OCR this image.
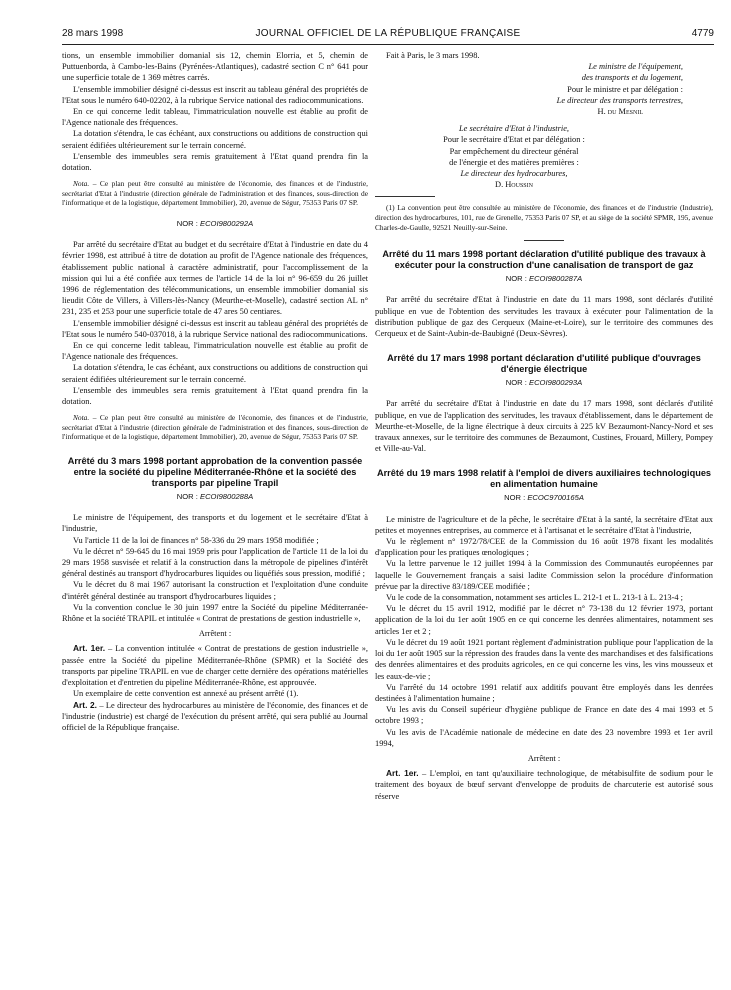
28 mars 1998	JOURNAL OFFICIEL DE LA RÉPUBLIQUE FRANÇAISE	4779

tions, un ensemble immobilier domanial sis 12, chemin Elorria, et 5, chemin de Puttuenborda, à Cambo-les-Bains (Pyrénées-Atlantiques), cadastré section C n° 641 pour une superficie totale de 1 369 mètres carrés.

L'ensemble immobilier désigné ci-dessus est inscrit au tableau général des propriétés de l'Etat sous le numéro 640-02202, à la rubrique Service national des radiocommunications.

En ce qui concerne ledit tableau, l'immatriculation nouvelle est établie au profit de l'Agence nationale des fréquences.

La dotation s'étendra, le cas échéant, aux constructions ou additions de construction qui seraient édifiées ultérieurement sur le terrain concerné.

L'ensemble des immeubles sera remis gratuitement à l'Etat quand prendra fin la dotation.

Nota. – Ce plan peut être consulté au ministère de l'économie, des finances et de l'industrie, secrétariat d'Etat à l'industrie (direction générale de l'administration et des finances, sous-direction de l'informatique et de la logistique, département Immobilier), 20, avenue de Ségur, 75353 Paris 07 SP.

NOR : ECOI9800292A

Par arrêté du secrétaire d'Etat au budget et du secrétaire d'Etat à l'industrie en date du 4 février 1998, est attribué à titre de dotation au profit de l'Agence nationale des fréquences, établissement public national à caractère administratif, pour l'accomplissement de la mission qui lui a été confiée aux termes de l'article 14 de la loi n° 96-659 du 26 juillet 1996 de réglementation des télécommunications, un ensemble immobilier domanial sis lieudit Côte de Villers, à Villers-lès-Nancy (Meurthe-et-Moselle), cadastré section AL n° 231, 235 et 253 pour une superficie totale de 47 ares 50 centiares.

L'ensemble immobilier désigné ci-dessus est inscrit au tableau général des propriétés de l'Etat sous le numéro 540-037018, à la rubrique Service national des radiocommunications.

En ce qui concerne ledit tableau, l'immatriculation nouvelle est établie au profit de l'Agence nationale des fréquences.

La dotation s'étendra, le cas échéant, aux constructions ou additions de construction qui seraient édifiées ultérieurement sur le terrain concerné.

L'ensemble des immeubles sera remis gratuitement à l'Etat quand prendra fin la dotation.

Nota. – Ce plan peut être consulté au ministère de l'économie, des finances et de l'industrie, secrétariat d'Etat à l'industrie (direction générale de l'administration et des finances, sous-direction de l'informatique et de la logistique, département Immobilier), 20, avenue de Ségur, 75353 Paris 07 SP.

Arrêté du 3 mars 1998 portant approbation de la convention passée entre la société du pipeline Méditerranée-Rhône et la société des transports par pipeline Trapil

NOR : ECOI9800288A

Le ministre de l'équipement, des transports et du logement et le secrétaire d'Etat à l'industrie,

Vu l'article 11 de la loi de finances n° 58-336 du 29 mars 1958 modifiée ;

Vu le décret n° 59-645 du 16 mai 1959 pris pour l'application de l'article 11 de la loi du 29 mars 1958 susvisée et relatif à la construction dans la métropole de pipelines d'intérêt général destinés au transport d'hydrocarbures liquides ou liquéfiés sous pression, modifié ;

Vu le décret du 8 mai 1967 autorisant la construction et l'exploitation d'une conduite d'intérêt général destinée au transport d'hydrocarbures liquides ;

Vu la convention conclue le 30 juin 1997 entre la Société du pipeline Méditerranée-Rhône et la société TRAPIL et intitulée « Contrat de prestations de gestion industrielle »,

Arrêtent :

Art. 1er. – La convention intitulée « Contrat de prestations de gestion industrielle », passée entre la Société du pipeline Méditerranée-Rhône (SPMR) et la Société des transports par pipeline TRAPIL en vue de charger cette dernière des opérations matérielles d'exploitation et d'entretien du pipeline Méditerranée-Rhône, est approuvée.

Un exemplaire de cette convention est annexé au présent arrêté (1).

Art. 2. – Le directeur des hydrocarbures au ministère de l'économie, des finances et de l'industrie (industrie) est chargé de l'exécution du présent arrêté, qui sera publié au Journal officiel de la République française.

Fait à Paris, le 3 mars 1998.

Le ministre de l'équipement,

des transports et du logement,

Pour le ministre et par délégation :

Le directeur des transports terrestres,

H. du Mesnil

Le secrétaire d'Etat à l'industrie,

Pour le secrétaire d'Etat et par délégation :

Par empêchement du directeur général

de l'énergie et des matières premières :

Le directeur des hydrocarbures,

D. Houssin

(1) La convention peut être consultée au ministère de l'économie, des finances et de l'industrie (Industrie), direction des hydrocarbures, 101, rue de Grenelle, 75353 Paris 07 SP, et au siège de la société SPMR, 195, avenue Charles-de-Gaulle, 92521 Neuilly-sur-Seine.

Arrêté du 11 mars 1998 portant déclaration d'utilité publique des travaux à exécuter pour la construction d'une canalisation de transport de gaz

NOR : ECOI9800287A

Par arrêté du secrétaire d'Etat à l'industrie en date du 11 mars 1998, sont déclarés d'utilité publique en vue de l'obtention des servitudes les travaux à exécuter pour l'alimentation de la distribution publique de gaz des Cerqueux (Maine-et-Loire), sur le territoire des communes des Cerqueux et de Saint-Aubin-de-Baubigné (Deux-Sèvres).

Arrêté du 17 mars 1998 portant déclaration d'utilité publique d'ouvrages d'énergie électrique

NOR : ECOI9800293A

Par arrêté du secrétaire d'Etat à l'industrie en date du 17 mars 1998, sont déclarés d'utilité publique, en vue de l'application des servitudes, les travaux d'établissement, dans le département de Meurthe-et-Moselle, de la ligne électrique à deux circuits à 225 kV Bezaumont-Nancy-Nord et ses travaux annexes, sur le territoire des communes de Bezaumont, Custines, Frouard, Millery, Pompey et Ville-au-Val.

Arrêté du 19 mars 1998 relatif à l'emploi de divers auxiliaires technologiques en alimentation humaine

NOR : ECOC9700165A

Le ministre de l'agriculture et de la pêche, le secrétaire d'Etat à la santé, la secrétaire d'Etat aux petites et moyennes entreprises, au commerce et à l'artisanat et le secrétaire d'Etat à l'industrie,

Vu le règlement n° 1972/78/CEE de la Commission du 16 août 1978 fixant les modalités d'application pour les pratiques œnologiques ;

Vu la lettre parvenue le 12 juillet 1994 à la Commission des Communautés européennes par laquelle le Gouvernement français a saisi ladite Commission selon la procédure d'information prévue par la directive 83/189/CEE modifiée ;

Vu le code de la consommation, notamment ses articles L. 212-1 et L. 213-1 à L. 213-4 ;

Vu le décret du 15 avril 1912, modifié par le décret n° 73-138 du 12 février 1973, portant application de la loi du 1er août 1905 en ce qui concerne les denrées alimentaires, notamment ses articles 1er et 2 ;

Vu le décret du 19 août 1921 portant règlement d'administration publique pour l'application de la loi du 1er août 1905 sur la répression des fraudes dans la vente des marchandises et des falsifications des denrées alimentaires et des produits agricoles, en ce qui concerne les vins, les vins mousseux et les eaux-de-vie ;

Vu l'arrêté du 14 octobre 1991 relatif aux additifs pouvant être employés dans les denrées destinées à l'alimentation humaine ;

Vu les avis du Conseil supérieur d'hygiène publique de France en date des 4 mai 1993 et 5 octobre 1993 ;

Vu les avis de l'Académie nationale de médecine en date des 23 novembre 1993 et 1er avril 1994,

Arrêtent :

Art. 1er. – L'emploi, en tant qu'auxiliaire technologique, de métabisulfite de sodium pour le traitement des boyaux de bœuf servant d'enveloppe de produits de charcuterie est autorisé sous réserve
